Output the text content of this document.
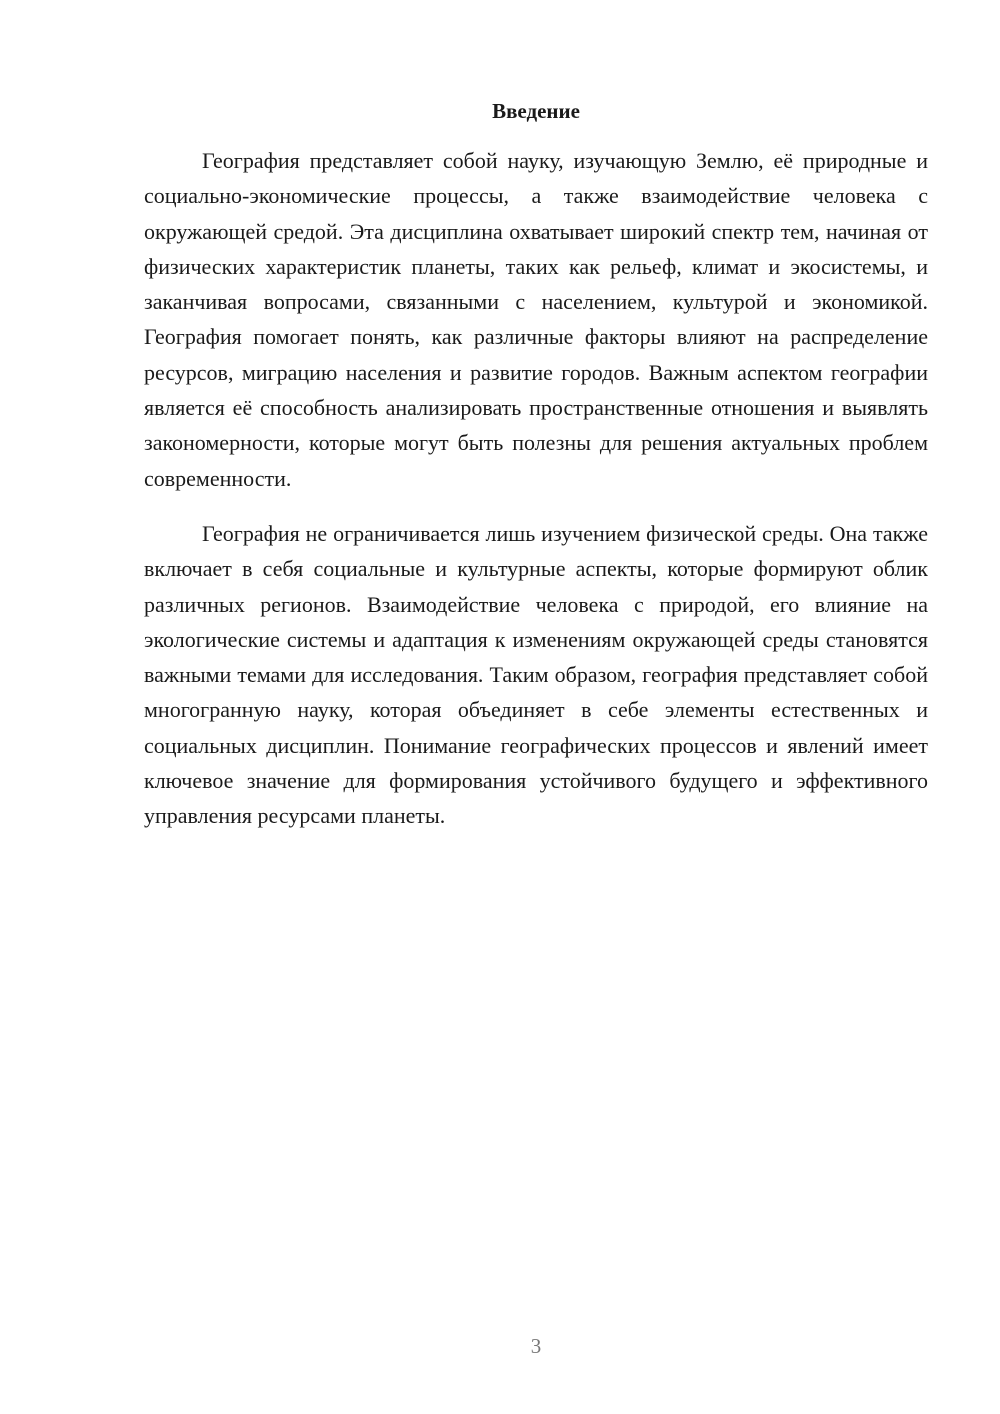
Введение

География представляет собой науку, изучающую Землю, её природные и социально-экономические процессы, а также взаимодействие человека с окружающей средой. Эта дисциплина охватывает широкий спектр тем, начиная от физических характеристик планеты, таких как рельеф, климат и экосистемы, и заканчивая вопросами, связанными с населением, культурой и экономикой. География помогает понять, как различные факторы влияют на распределение ресурсов, миграцию населения и развитие городов. Важным аспектом географии является её способность анализировать пространственные отношения и выявлять закономерности, которые могут быть полезны для решения актуальных проблем современности.

География не ограничивается лишь изучением физической среды. Она также включает в себя социальные и культурные аспекты, которые формируют облик различных регионов. Взаимодействие человека с природой, его влияние на экологические системы и адаптация к изменениям окружающей среды становятся важными темами для исследования. Таким образом, география представляет собой многогранную науку, которая объединяет в себе элементы естественных и социальных дисциплин. Понимание географических процессов и явлений имеет ключевое значение для формирования устойчивого будущего и эффективного управления ресурсами планеты.

3
